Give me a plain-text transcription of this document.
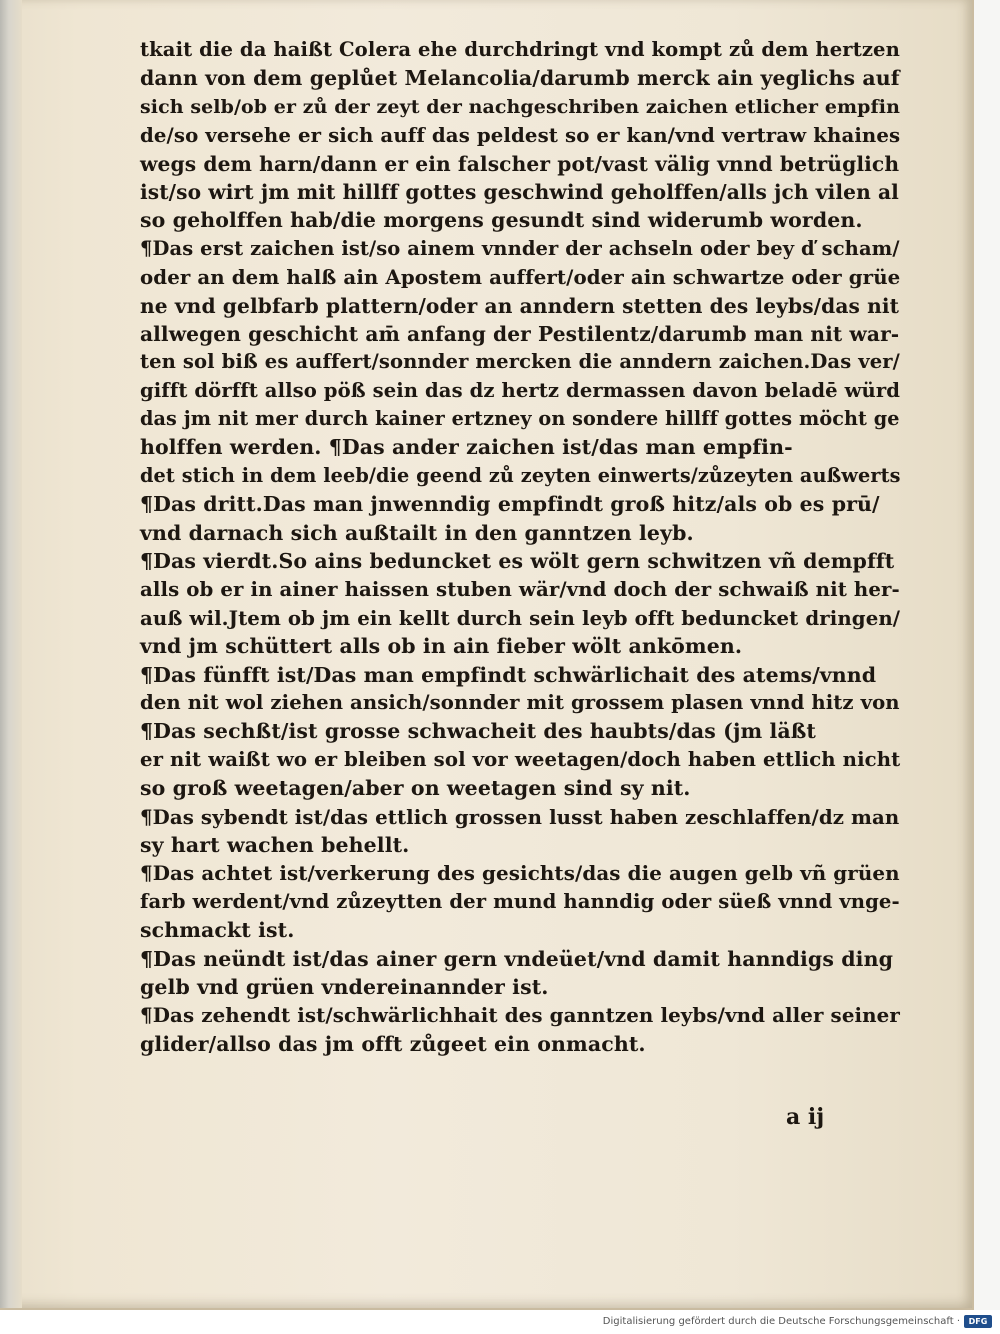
tkait die da haißt Colera ehe durchdringt vnd kompt zů dem hertzen
dann von dem geplůet Melancolia/darumb merck ain yeglichs auf
sich selb/ob er zů der zeyt der nachgeschriben zaichen etlicher empfin
de/so versehe er sich auff das peldest so er kan/vnd vertraw khaines
wegs dem harn/dann er ein falscher pot/vast välig vnnd betrüglich
ist/so wirt jm mit hillff gottes geschwind geholffen/alls jch vilen al
so geholffen hab/die morgens gesundt sind widerumb worden.
¶Das erst zaichen ist/so ainem vnnder der achseln oder bey ď scham/
oder an dem halß ain Apostem auffert/oder ain schwartze oder grüe
ne vnd gelbfarb plattern/oder an anndern stetten des leybs/das nit
allwegen geschicht am̄ anfang der Pestilentz/darumb man nit war-
ten sol biß es auffert/sonnder mercken die anndern zaichen.Das ver/
gifft dörfft allso pöß sein das dz hertz dermassen davon beladē würd
das jm nit mer durch kainer ertzney on sondere hillff gottes möcht ge
holffen werden. ¶Das ander zaichen ist/das man empfin-
det stich in dem leeb/die geend zů zeyten einwerts/zůzeyten außwerts
¶Das dritt.Das man jnwenndig empfindt groß hitz/als ob es prū/
vnd darnach sich außtailt in den ganntzen leyb.
¶Das vierdt.So ains beduncket es wölt gern schwitzen vñ dempfft
alls ob er in ainer haissen stuben wär/vnd doch der schwaiß nit her-
auß wil.Jtem ob jm ein kellt durch sein leyb offt beduncket dringen/
vnd jm schüttert alls ob in ain fieber wölt ankōmen.
¶Das fünfft ist/Das man empfindt schwärlichait des atems/vnnd
den nit wol ziehen ansich/sonnder mit grossem plasen vnnd hitz von
¶Das sechßt/ist grosse schwacheit des haubts/das (jm läßt
er nit waißt wo er bleiben sol vor weetagen/doch haben ettlich nicht
so groß weetagen/aber on weetagen sind sy nit.
¶Das sybendt ist/das ettlich grossen lusst haben zeschlaffen/dz man
sy hart wachen behellt.
¶Das achtet ist/verkerung des gesichts/das die augen gelb vñ grüen
farb werdent/vnd zůzeytten der mund hanndig oder süeß vnnd vnge-
schmackt ist.
¶Das neündt ist/das ainer gern vndeüet/vnd damit hanndigs ding
gelb vnd grüen vndereinannder ist.
¶Das zehendt ist/schwärlichhait des ganntzen leybs/vnd aller seiner
glider/allso das jm offt zůgeet ein onmacht.
a ij
Digitalisierung gefördert durch die Deutsche Forschungsgemeinschaft ·	DFG
